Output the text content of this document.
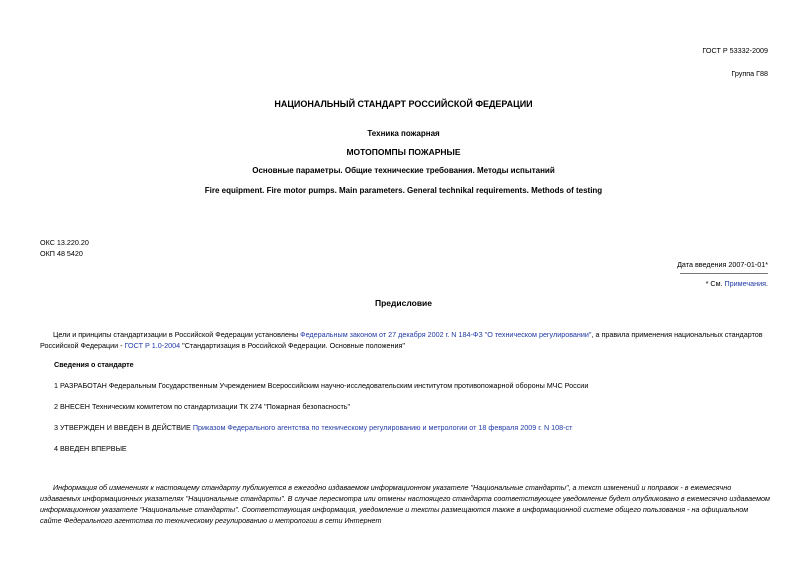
ГОСТ Р 53332-2009
Группа Г88
НАЦИОНАЛЬНЫЙ СТАНДАРТ РОССИЙСКОЙ ФЕДЕРАЦИИ
Техника пожарная
МОТОПОМПЫ ПОЖАРНЫЕ
Основные параметры. Общие технические требования. Методы испытаний
Fire equipment. Fire motor pumps. Main parameters. General technikal requirements. Methods of testing
ОКС 13.220.20
ОКП 48 5420
Дата введения 2007-01-01*
* См. Примечания.
Предисловие
Цели и принципы стандартизации в Российской Федерации установлены Федеральным законом от 27 декабря 2002 г. N 184-ФЗ "О техническом регулировании", а правила применения национальных стандартов Российской Федерации - ГОСТ Р 1.0-2004 "Стандартизация в Российской Федерации. Основные положения"
Сведения о стандарте
1 РАЗРАБОТАН Федеральным Государственным Учреждением Всероссийским научно-исследовательским институтом противопожарной обороны МЧС России
2 ВНЕСЕН Техническим комитетом по стандартизации ТК 274 "Пожарная безопасность"
3 УТВЕРЖДЕН И ВВЕДЕН В ДЕЙСТВИЕ Приказом Федерального агентства по техническому регулированию и метрологии от 18 февраля 2009 г. N 108-ст
4 ВВЕДЕН ВПЕРВЫЕ
Информация об изменениях к настоящему стандарту публикуется в ежегодно издаваемом информационном указателе "Национальные стандарты", а текст изменений и поправок - в ежемесячно издаваемых информационных указателях "Национальные стандарты". В случае пересмотра или отмены настоящего стандарта соответствующее уведомление будет опубликовано в ежемесячно издаваемом информационном указателе "Национальные стандарты". Соответствующая информация, уведомление и тексты размещаются также в информационной системе общего пользования - на официальном сайте Федерального агентства по техническому регулированию и метрологии в сети Интернет
